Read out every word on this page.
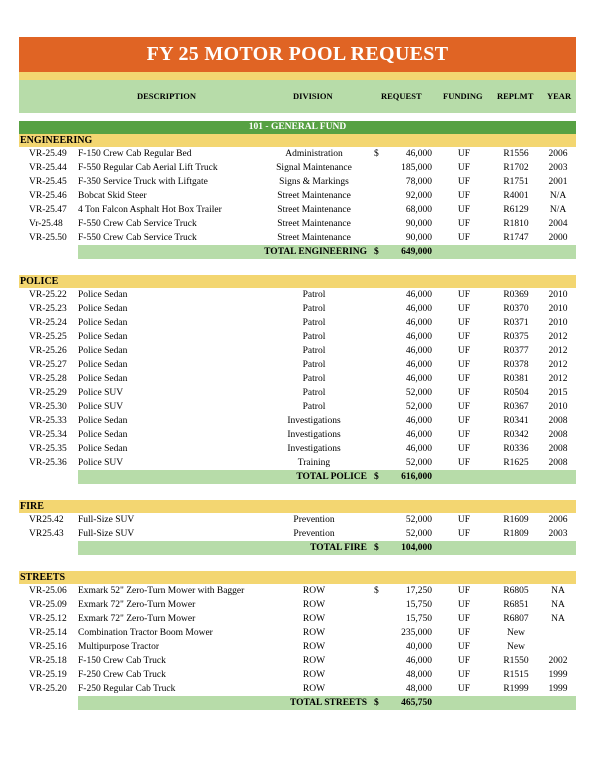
FY 25 MOTOR POOL REQUEST
DESCRIPTION	DIVISION	REQUEST	FUNDING REPLMT YEAR
101 - GENERAL FUND
ENGINEERING
VR-25.49 F-150 Crew Cab Regular Bed	Administration	$	46,000	UF	R1556	2006
VR-25.44 F-550 Regular Cab Aerial Lift Truck	Signal Maintenance	185,000	UF	R1702	2003
VR-25.45 F-350 Service Truck with Liftgate	Signs & Markings	78,000	UF	R1751	2001
VR-25.46 Bobcat Skid Steer	Street Maintenance	92,000	UF	R4001	N/A
VR-25.47 4 Ton Falcon Asphalt Hot Box Trailer	Street Maintenance	68,000	UF	R6129	N/A
Vr-25.48 F-550 Crew Cab Service Truck	Street Maintenance	90,000	UF	R1810	2004
VR-25.50 F-550 Crew Cab Service Truck	Street Maintenance	90,000	UF	R1747	2000
TOTAL ENGINEERING $	649,000
POLICE
VR-25.22 Police Sedan	Patrol	46,000	UF	R0369	2010
VR-25.23 Police Sedan	Patrol	46,000	UF	R0370	2010
VR-25.24 Police Sedan	Patrol	46,000	UF	R0371	2010
VR-25.25 Police Sedan	Patrol	46,000	UF	R0375	2012
VR-25.26 Police Sedan	Patrol	46,000	UF	R0377	2012
VR-25.27 Police Sedan	Patrol	46,000	UF	R0378	2012
VR-25.28 Police Sedan	Patrol	46,000	UF	R0381	2012
VR-25.29 Police SUV	Patrol	52,000	UF	R0504	2015
VR-25.30 Police SUV	Patrol	52,000	UF	R0367	2010
VR-25.33 Police Sedan	Investigations	46,000	UF	R0341	2008
VR-25.34 Police Sedan	Investigations	46,000	UF	R0342	2008
VR-25.35 Police Sedan	Investigations	46,000	UF	R0336	2008
VR-25.36 Police SUV	Training	52,000	UF	R1625	2008
TOTAL POLICE $	616,000
FIRE
VR25.42 Full-Size SUV	Prevention	52,000	UF	R1609	2006
VR25.43 Full-Size SUV	Prevention	52,000	UF	R1809	2003
TOTAL FIRE $	104,000
STREETS
VR-25.06 Exmark 52" Zero-Turn Mower with Bagger	ROW	$	17,250	UF	R6805	NA
VR-25.09 Exmark 72" Zero-Turn Mower	ROW	15,750	UF	R6851	NA
VR-25.12 Exmark 72" Zero-Turn Mower	ROW	15,750	UF	R6807	NA
VR-25.14 Combination Tractor Boom Mower	ROW	235,000	UF	New
VR-25.16 Multipurpose Tractor	ROW	40,000	UF	New
VR-25.18 F-150 Crew Cab Truck	ROW	46,000	UF	R1550	2002
VR-25.19 F-250 Crew Cab Truck	ROW	48,000	UF	R1515	1999
VR-25.20 F-250 Regular Cab Truck	ROW	48,000	UF	R1999	1999
TOTAL STREETS $	465,750
